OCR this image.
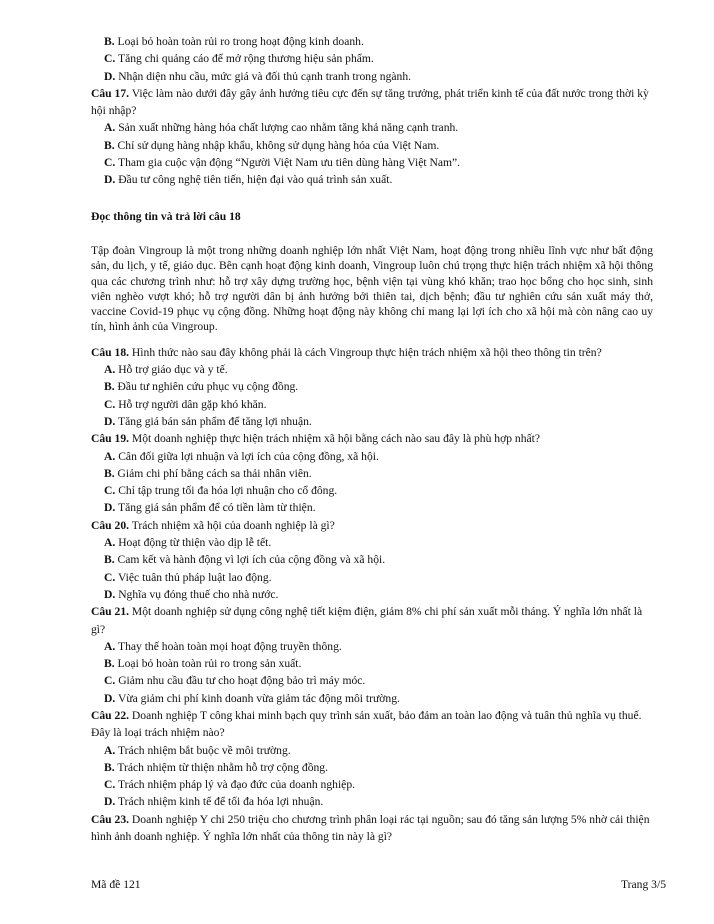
B. Loại bỏ hoàn toàn rủi ro trong hoạt động kinh doanh.

C. Tăng chi quảng cáo để mở rộng thương hiệu sản phẩm.

D. Nhận diện nhu cầu, mức giá và đối thủ cạnh tranh trong ngành.

Câu 17. Việc làm nào dưới đây gây ảnh hưởng tiêu cực đến sự tăng trưởng, phát triển kinh tế của đất nước trong thời kỳ hội nhập?

A. Sản xuất những hàng hóa chất lượng cao nhằm tăng khả năng cạnh tranh.

B. Chỉ sử dụng hàng nhập khẩu, không sử dụng hàng hóa của Việt Nam.

C. Tham gia cuộc vận động “Người Việt Nam ưu tiên dùng hàng Việt Nam”.

D. Đầu tư công nghệ tiên tiến, hiện đại vào quá trình sản xuất.

Đọc thông tin và trả lời câu 18

Tập đoàn Vingroup là một trong những doanh nghiệp lớn nhất Việt Nam, hoạt động trong nhiều lĩnh vực như bất động sản, du lịch, y tế, giáo dục. Bên cạnh hoạt động kinh doanh, Vingroup luôn chú trọng thực hiện trách nhiệm xã hội thông qua các chương trình như: hỗ trợ xây dựng trường học, bệnh viện tại vùng khó khăn; trao học bổng cho học sinh, sinh viên nghèo vượt khó; hỗ trợ người dân bị ảnh hưởng bởi thiên tai, dịch bệnh; đầu tư nghiên cứu sản xuất máy thở, vaccine Covid-19 phục vụ cộng đồng. Những hoạt động này không chỉ mang lại lợi ích cho xã hội mà còn nâng cao uy tín, hình ảnh của Vingroup.

Câu 18. Hình thức nào sau đây không phải là cách Vingroup thực hiện trách nhiệm xã hội theo thông tin trên?

A. Hỗ trợ giáo dục và y tế.

B. Đầu tư nghiên cứu phục vụ cộng đồng.

C. Hỗ trợ người dân gặp khó khăn.

D. Tăng giá bán sản phẩm để tăng lợi nhuận.

Câu 19. Một doanh nghiệp thực hiện trách nhiệm xã hội bằng cách nào sau đây là phù hợp nhất?

A. Cân đối giữa lợi nhuận và lợi ích của cộng đồng, xã hội.

B. Giảm chi phí bằng cách sa thải nhân viên.

C. Chỉ tập trung tối đa hóa lợi nhuận cho cổ đông.

D. Tăng giá sản phẩm để có tiền làm từ thiện.

Câu 20. Trách nhiệm xã hội của doanh nghiệp là gì?

A. Hoạt động từ thiện vào dịp lễ tết.

B. Cam kết và hành động vì lợi ích của cộng đồng và xã hội.

C. Việc tuân thủ pháp luật lao động.

D. Nghĩa vụ đóng thuế cho nhà nước.

Câu 21. Một doanh nghiệp sử dụng công nghệ tiết kiệm điện, giảm 8% chi phí sản xuất mỗi tháng. Ý nghĩa lớn nhất là gì?

A. Thay thế hoàn toàn mọi hoạt động truyền thông.

B. Loại bỏ hoàn toàn rủi ro trong sản xuất.

C. Giảm nhu cầu đầu tư cho hoạt động bảo trì máy móc.

D. Vừa giảm chi phí kinh doanh vừa giảm tác động môi trường.

Câu 22. Doanh nghiệp T công khai minh bạch quy trình sản xuất, bảo đảm an toàn lao động và tuân thủ nghĩa vụ thuế. Đây là loại trách nhiệm nào?

A. Trách nhiệm bắt buộc về môi trường.

B. Trách nhiệm từ thiện nhằm hỗ trợ cộng đồng.

C. Trách nhiệm pháp lý và đạo đức của doanh nghiệp.

D. Trách nhiệm kinh tế để tối đa hóa lợi nhuận.

Câu 23. Doanh nghiệp Y chi 250 triệu cho chương trình phân loại rác tại nguồn; sau đó tăng sản lượng 5% nhờ cải thiện hình ảnh doanh nghiệp. Ý nghĩa lớn nhất của thông tin này là gì?

Mã đề 121	Trang 3/5
